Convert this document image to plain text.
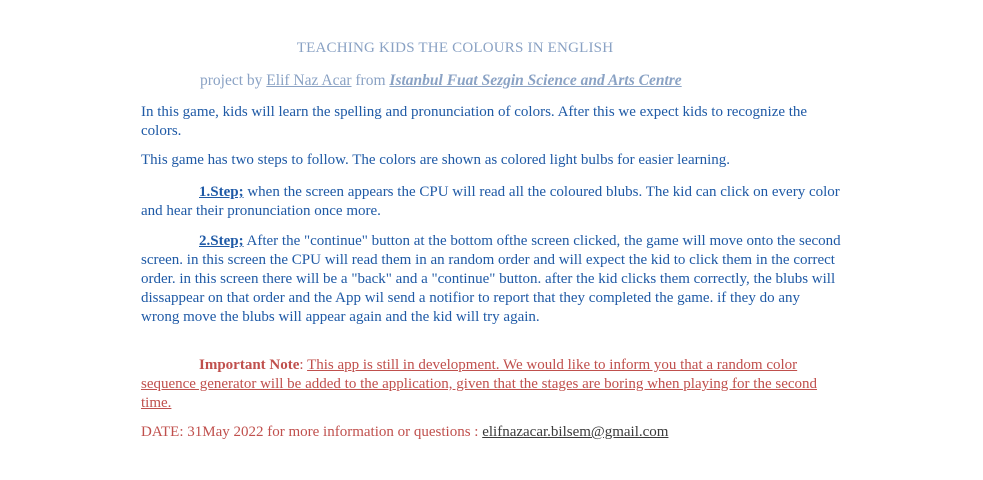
TEACHING KIDS THE COLOURS IN ENGLISH
project by Elif Naz Acar from Istanbul Fuat Sezgin Science and Arts Centre
In this game, kids will learn the spelling and pronunciation of colors. After this we expect kids to recognize the colors.
This game has two steps to follow. The colors are shown as colored light bulbs for easier learning.
1.Step; when the screen appears the CPU will read all the coloured blubs. The kid can click on every color and hear their pronunciation once more.
2.Step; After the "continue" button at the bottom ofthe screen clicked, the game will move onto the second screen. in this screen the CPU will read them in an random order and will expect the kid to click them in the correct order. in this screen there will be a "back" and a "continue" button. after the kid clicks them correctly, the blubs will dissappear on that order and the App wil send a notifior to report that they completed the game. if they do any wrong move the blubs will appear again and the kid will try again.
Important Note: This app is still in development. We would like to inform you that a random color sequence generator will be added to the application, given that the stages are boring when playing for the second time.
DATE: 31May 2022 for more information or questions : elifnazacar.bilsem@gmail.com
